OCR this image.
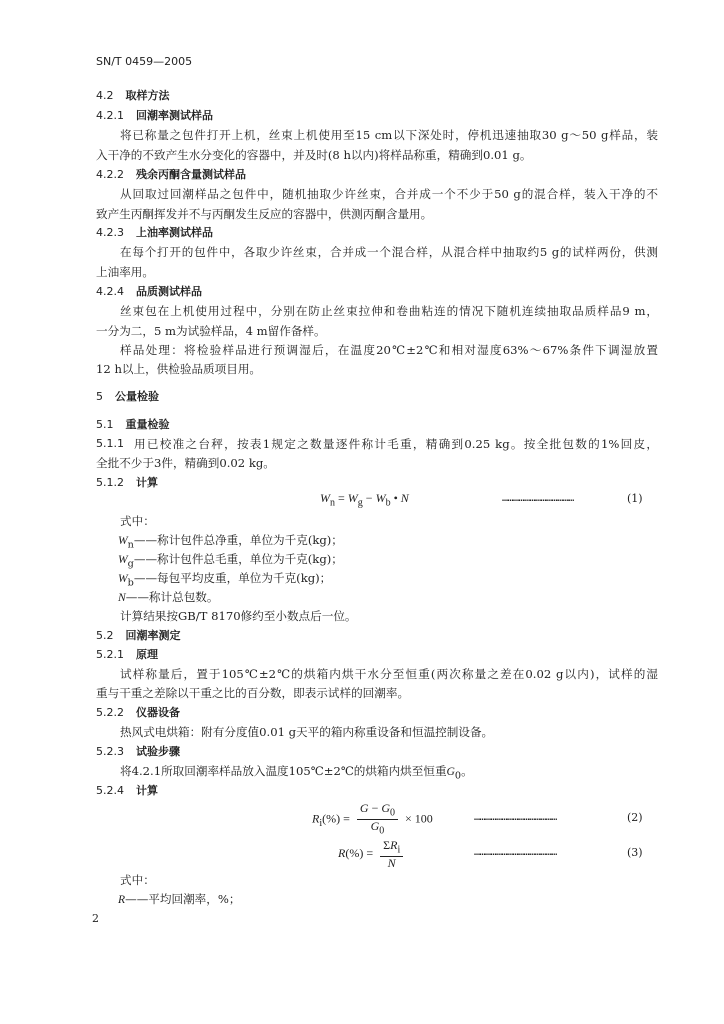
SN/T 0459—2005
4.2 取样方法
4.2.1 回潮率测试样品
将已称量之包件打开上机，丝束上机使用至15 cm以下深处时，停机迅速抽取30 g～50 g样品，装
入干净的不致产生水分变化的容器中，并及时(8 h以内)将样品称重，精确到0.01 g。
4.2.2 残余丙酮含量测试样品
从回取过回潮样品之包件中，随机抽取少许丝束，合并成一个不少于50 g的混合样，装入干净的不
致产生丙酮挥发并不与丙酮发生反应的容器中，供测丙酮含量用。
4.2.3 上油率测试样品
在每个打开的包件中，各取少许丝束，合并成一个混合样，从混合样中抽取约5 g的试样两份，供测
上油率用。
4.2.4 品质测试样品
丝束包在上机使用过程中，分别在防止丝束拉伸和卷曲粘连的情况下随机连续抽取品质样品9 m，
一分为二，5 m为试验样品，4 m留作备样。
样品处理：将检验样品进行预调湿后，在温度20℃±2℃和相对湿度63%～67%条件下调湿放置
12 h以上，供检验品质项目用。
5 公量检验
5.1 重量检验
5.1.1 用已校准之台秤，按表1规定之数量逐件称计毛重，精确到0.25 kg。按全批包数的1%回皮，
全批不少于3件，精确到0.02 kg。
5.1.2 计算
$W_n = W_g - W_b$ • N	…………………………………	(1)
式中：
$W_n——$称计包件总净重，单位为千克(kg)；
$W_g——$称计包件总毛重，单位为千克(kg)；
$W_b——$每包平均皮重，单位为千克(kg)；
N——称计总包数。
计算结果按GB/T 8170修约至小数点后一位。
5.2 回潮率测定
5.2.1 原理
试样称量后，置于105℃±2℃的烘箱内烘干水分至恒重(两次称量之差在0.02 g以内)，试样的湿
重与干重之差除以干重之比的百分数，即表示试样的回潮率。
5.2.2 仪器设备
热风式电烘箱：附有分度值0.01 g天平的箱内称重设备和恒温控制设备。
5.2.3 试验步骤
将4.2.1所取回潮率样品放入温度105℃±2℃的烘箱内烘至恒重$G_0$。
5.2.4 计算
$R_i(\%) = \frac{G - G_0}{G_0} \times 100$	………………………………………	(2)
$R(\%) = \frac{\Sigma R_i}{N}$	………………………………………	(3)
式中：
R——平均回潮率，%；
2
